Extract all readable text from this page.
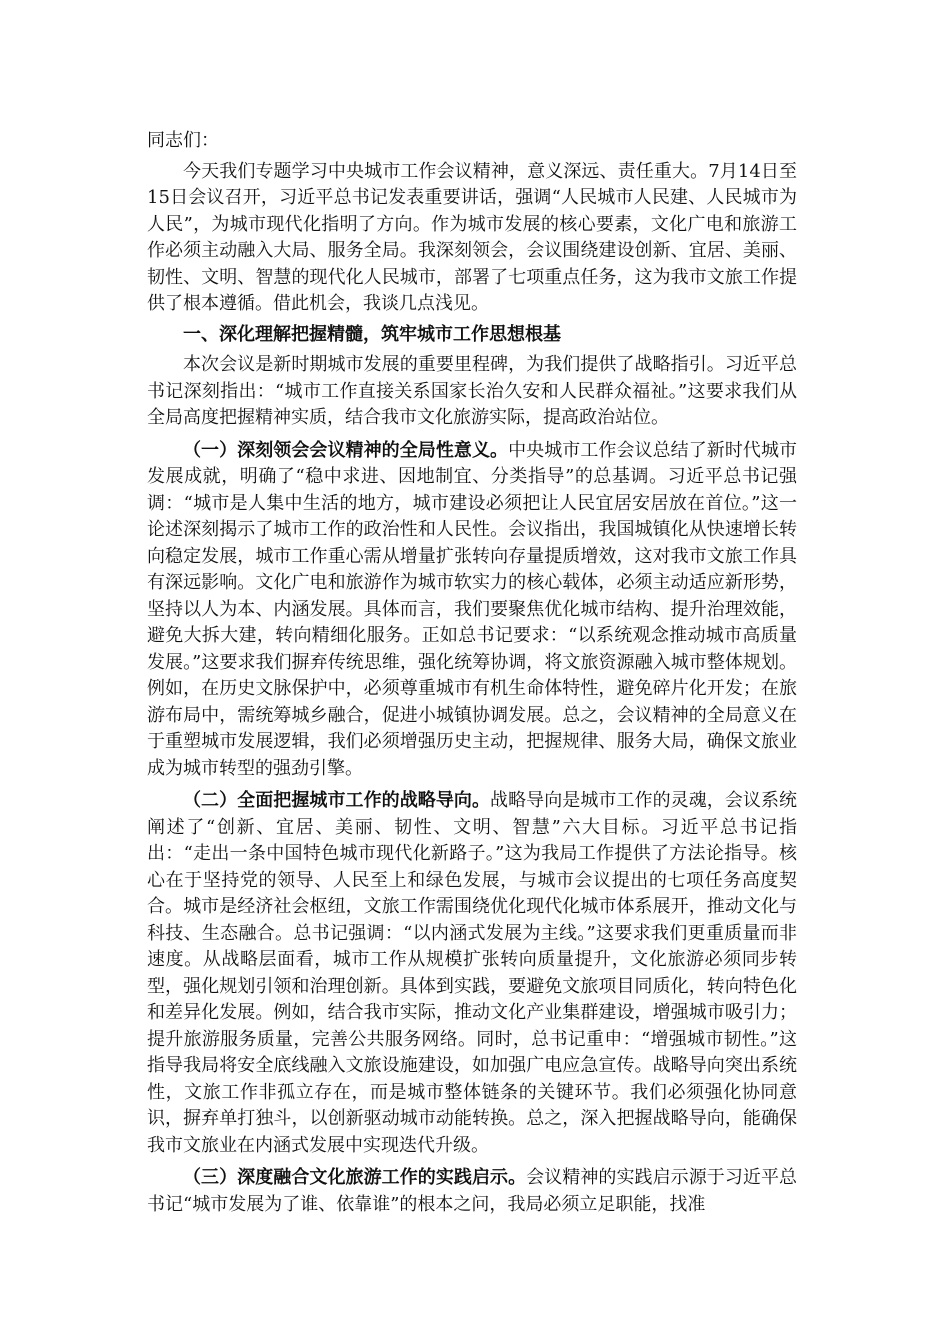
同志们：

今天我们专题学习中央城市工作会议精神，意义深远、责任重大。7月14日至15日会议召开，习近平总书记发表重要讲话，强调“人民城市人民建、人民城市为人民”，为城市现代化指明了方向。作为城市发展的核心要素，文化广电和旅游工作必须主动融入大局、服务全局。我深刻领会，会议围绕建设创新、宜居、美丽、韧性、文明、智慧的现代化人民城市，部署了七项重点任务，这为我市文旅工作提供了根本遵循。借此机会，我谈几点浅见。

一、深化理解把握精髓，筑牢城市工作思想根基

本次会议是新时期城市发展的重要里程碑，为我们提供了战略指引。习近平总书记深刻指出：“城市工作直接关系国家长治久安和人民群众福祉。”这要求我们从全局高度把握精神实质，结合我市文化旅游实际，提高政治站位。

（一）深刻领会会议精神的全局性意义。中央城市工作会议总结了新时代城市发展成就，明确了“稳中求进、因地制宜、分类指导”的总基调。习近平总书记强调：“城市是人集中生活的地方，城市建设必须把让人民宜居安居放在首位。”这一论述深刻揭示了城市工作的政治性和人民性。会议指出，我国城镇化从快速增长转向稳定发展，城市工作重心需从增量扩张转向存量提质增效，这对我市文旅工作具有深远影响。文化广电和旅游作为城市软实力的核心载体，必须主动适应新形势，坚持以人为本、内涵发展。具体而言，我们要聚焦优化城市结构、提升治理效能，避免大拆大建，转向精细化服务。正如总书记要求：“以系统观念推动城市高质量发展。”这要求我们摒弃传统思维，强化统筹协调，将文旅资源融入城市整体规划。例如，在历史文脉保护中，必须尊重城市有机生命体特性，避免碎片化开发；在旅游布局中，需统筹城乡融合，促进小城镇协调发展。总之，会议精神的全局意义在于重塑城市发展逻辑，我们必须增强历史主动，把握规律、服务大局，确保文旅业成为城市转型的强劲引擎。

（二）全面把握城市工作的战略导向。战略导向是城市工作的灵魂，会议系统阐述了“创新、宜居、美丽、韧性、文明、智慧”六大目标。习近平总书记指出：“走出一条中国特色城市现代化新路子。”这为我局工作提供了方法论指导。核心在于坚持党的领导、人民至上和绿色发展，与城市会议提出的七项任务高度契合。城市是经济社会枢纽，文旅工作需围绕优化现代化城市体系展开，推动文化与科技、生态融合。总书记强调：“以内涵式发展为主线。”这要求我们更重质量而非速度。从战略层面看，城市工作从规模扩张转向质量提升，文化旅游必须同步转型，强化规划引领和治理创新。具体到实践，要避免文旅项目同质化，转向特色化和差异化发展。例如，结合我市实际，推动文化产业集群建设，增强城市吸引力；提升旅游服务质量，完善公共服务网络。同时，总书记重申：“增强城市韧性。”这指导我局将安全底线融入文旅设施建设，如加强广电应急宣传。战略导向突出系统性，文旅工作非孤立存在，而是城市整体链条的关键环节。我们必须强化协同意识，摒弃单打独斗，以创新驱动城市动能转换。总之，深入把握战略导向，能确保我市文旅业在内涵式发展中实现迭代升级。

（三）深度融合文化旅游工作的实践启示。会议精神的实践启示源于习近平总书记“城市发展为了谁、依靠谁”的根本之问，我局必须立足职能，找准
